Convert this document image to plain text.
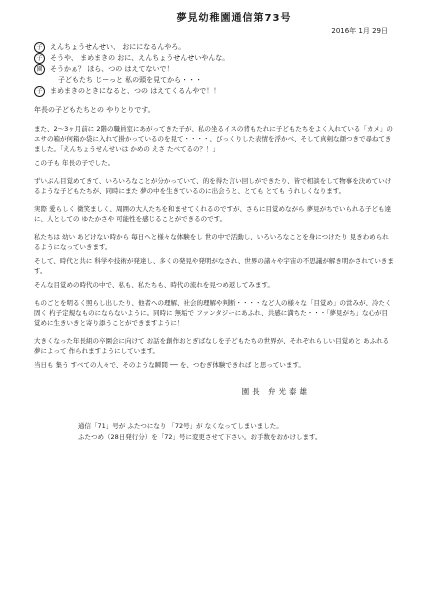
夢見幼稚園通信第73号
2016年 1月 29日
子	えんちょうせんせい、 おにになるんやろ。
子	そうや、 まめまきの おに、えんちょうせんせいやんな。
園	そうかぁ？ ほら、つの はえてないで！
子どもたち じーっと 私の頭を見てから・・・
子	まめまきのときになると、つの はえてくるんやで！！
年長の子どもたちとの やりとりです。

また、2〜3ヶ月前に 2階の職員室にあがってきた子が、私の坐るイスの背もたれに子どもたちをよく入れている「カメ」のエサの箱が何箱か袋に入れて掛かっているのを見て・・・・、びっくりした表情を浮かべ、そして真剣な顔つきで尋ねてきました。「えんちょうせんせいは かめの えさ たべてるの？！」

この子も 年長の子でした。

ずいぶん目覚めてきて、いろいろなことが分かっていて、的を得た言い回しができたり、皆で相談をして物事を決めていけるような子どもたちが、同時にまた 夢の中を生きているのに出会うと、とても とても うれしくなります。

実際 愛らしく 微笑ましく、周囲の大人たちを和ませてくれるのですが、さらに目覚めながら 夢見がちでいられる子ども達に、人としての ゆたかさや 可能性を感じることができるのです。

私たちは 幼い あどけない時から 毎日へと様々な体験をし 世の中で活動し、いろいろなことを身につけたり 見きわめられるようになっていきます。

そして、時代と共に 科学や技術が発達し、多くの発見や発明がなされ、世界の諸々や宇宙の不思議が解き明かされていきます。

そんな目覚めの時代の中で、私も、私たちも、時代の流れを見つめ返してみます。

ものごとを明るく照らし出したり、他者への理解、社会的理解や判断・・・・など人の様々な「目覚め」の営みが、冷たく固く 杓子定規なものにならないように。同時に 無垢で ファンタジーにあふれ、共感に満ちた・・・「夢見がち」な心が目覚めに生きいきと寄り添うことができますように！

大きくなった年長組の卒園会に向けて お話を創作おとぎばなしを子どもたちの世界が、それぞれらしい目覚めと あふれる夢によって 作られますようにしています。

当日も 集う すべての人々で、そのような瞬間 ── を、つむぎ体験できれば と思っています。

園長 弁光泰雄
通信「71」号が ふたつになり 「72号」が なくなってしまいました。
ふたつめ（28日発行分）を「72」号に変更させて下さい。お手数をおかけします。
